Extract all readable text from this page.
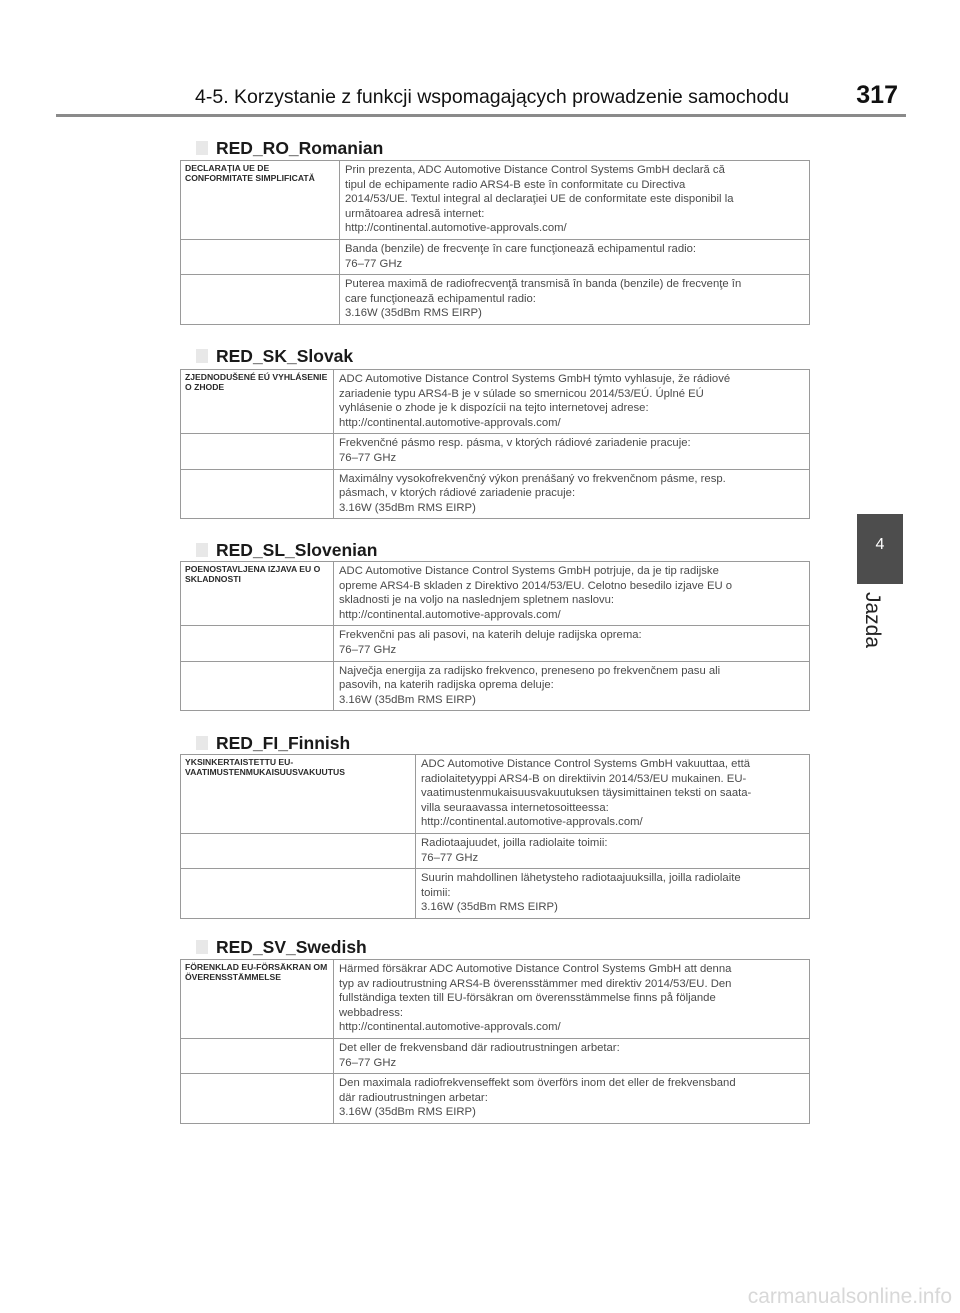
4-5. Korzystanie z funkcji wspomagających prowadzenie samochodu	317
4
Jazda
RED_RO_Romanian
DECLARAŢIA UE DE CONFORMITATE SIMPLIFICATĂ	Prin prezenta, ADC Automotive Distance Control Systems GmbH declară că
tipul de echipamente radio ARS4-B este în conformitate cu Directiva
2014/53/UE. Textul integral al declaraţiei UE de conformitate este disponibil la
următoarea adresă internet:
http://continental.automotive-approvals.com/

	Banda (benzile) de frecvenţe în care funcţionează echipamentul radio:
76–77 GHz

	Puterea maximă de radiofrecvenţă transmisă în banda (benzile) de frecvenţe în
care funcţionează echipamentul radio:
3.16W (35dBm RMS EIRP)
RED_SK_Slovak
ZJEDNODUŠENÉ EÚ VYHLÁSENIE O ZHODE	ADC Automotive Distance Control Systems GmbH týmto vyhlasuje, že rádiové
zariadenie typu ARS4-B je v súlade so smernicou 2014/53/EÚ. Úplné EÚ
vyhlásenie o zhode je k dispozícii na tejto internetovej adrese:
http://continental.automotive-approvals.com/

	Frekvenčné pásmo resp. pásma, v ktorých rádiové zariadenie pracuje:
76–77 GHz

	Maximálny vysokofrekvenčný výkon prenášaný vo frekvenčnom pásme, resp.
pásmach, v ktorých rádiové zariadenie pracuje:
3.16W (35dBm RMS EIRP)
RED_SL_Slovenian
POENOSTAVLJENA IZJAVA EU O SKLADNOSTI	ADC Automotive Distance Control Systems GmbH potrjuje, da je tip radijske
opreme ARS4-B skladen z Direktivo 2014/53/EU. Celotno besedilo izjave EU o
skladnosti je na voljo na naslednjem spletnem naslovu:
http://continental.automotive-approvals.com/

	Frekvenčni pas ali pasovi, na katerih deluje radijska oprema:
76–77 GHz

	Največja energija za radijsko frekvenco, preneseno po frekvenčnem pasu ali
pasovih, na katerih radijska oprema deluje:
3.16W (35dBm RMS EIRP)
RED_FI_Finnish
YKSINKERTAISTETTU EU-VAATIMUSTENMUKAISUUSVAKUUTUS	ADC Automotive Distance Control Systems GmbH vakuuttaa, että
radiolaitetyyppi ARS4-B on direktiivin 2014/53/EU mukainen. EU-
vaatimustenmukaisuusvakuutuksen täysimittainen teksti on saata-
villa seuraavassa internetosoitteessa:
http://continental.automotive-approvals.com/

	Radiotaajuudet, joilla radiolaite toimii:
76–77 GHz

	Suurin mahdollinen lähetysteho radiotaajuuksilla, joilla radiolaite
toimii:
3.16W (35dBm RMS EIRP)
RED_SV_Swedish
FÖRENKLAD EU-FÖRSÄKRAN OM ÖVERENSSTÄMMELSE	Härmed försäkrar ADC Automotive Distance Control Systems GmbH att denna
typ av radioutrustning ARS4-B överensstämmer med direktiv 2014/53/EU. Den
fullständiga texten till EU-försäkran om överensstämmelse finns på följande
webbadress:
http://continental.automotive-approvals.com/

	Det eller de frekvensband där radioutrustningen arbetar:
76–77 GHz

	Den maximala radiofrekvenseffekt som överförs inom det eller de frekvensband
där radioutrustningen arbetar:
3.16W (35dBm RMS EIRP)
carmanualsonline.info
